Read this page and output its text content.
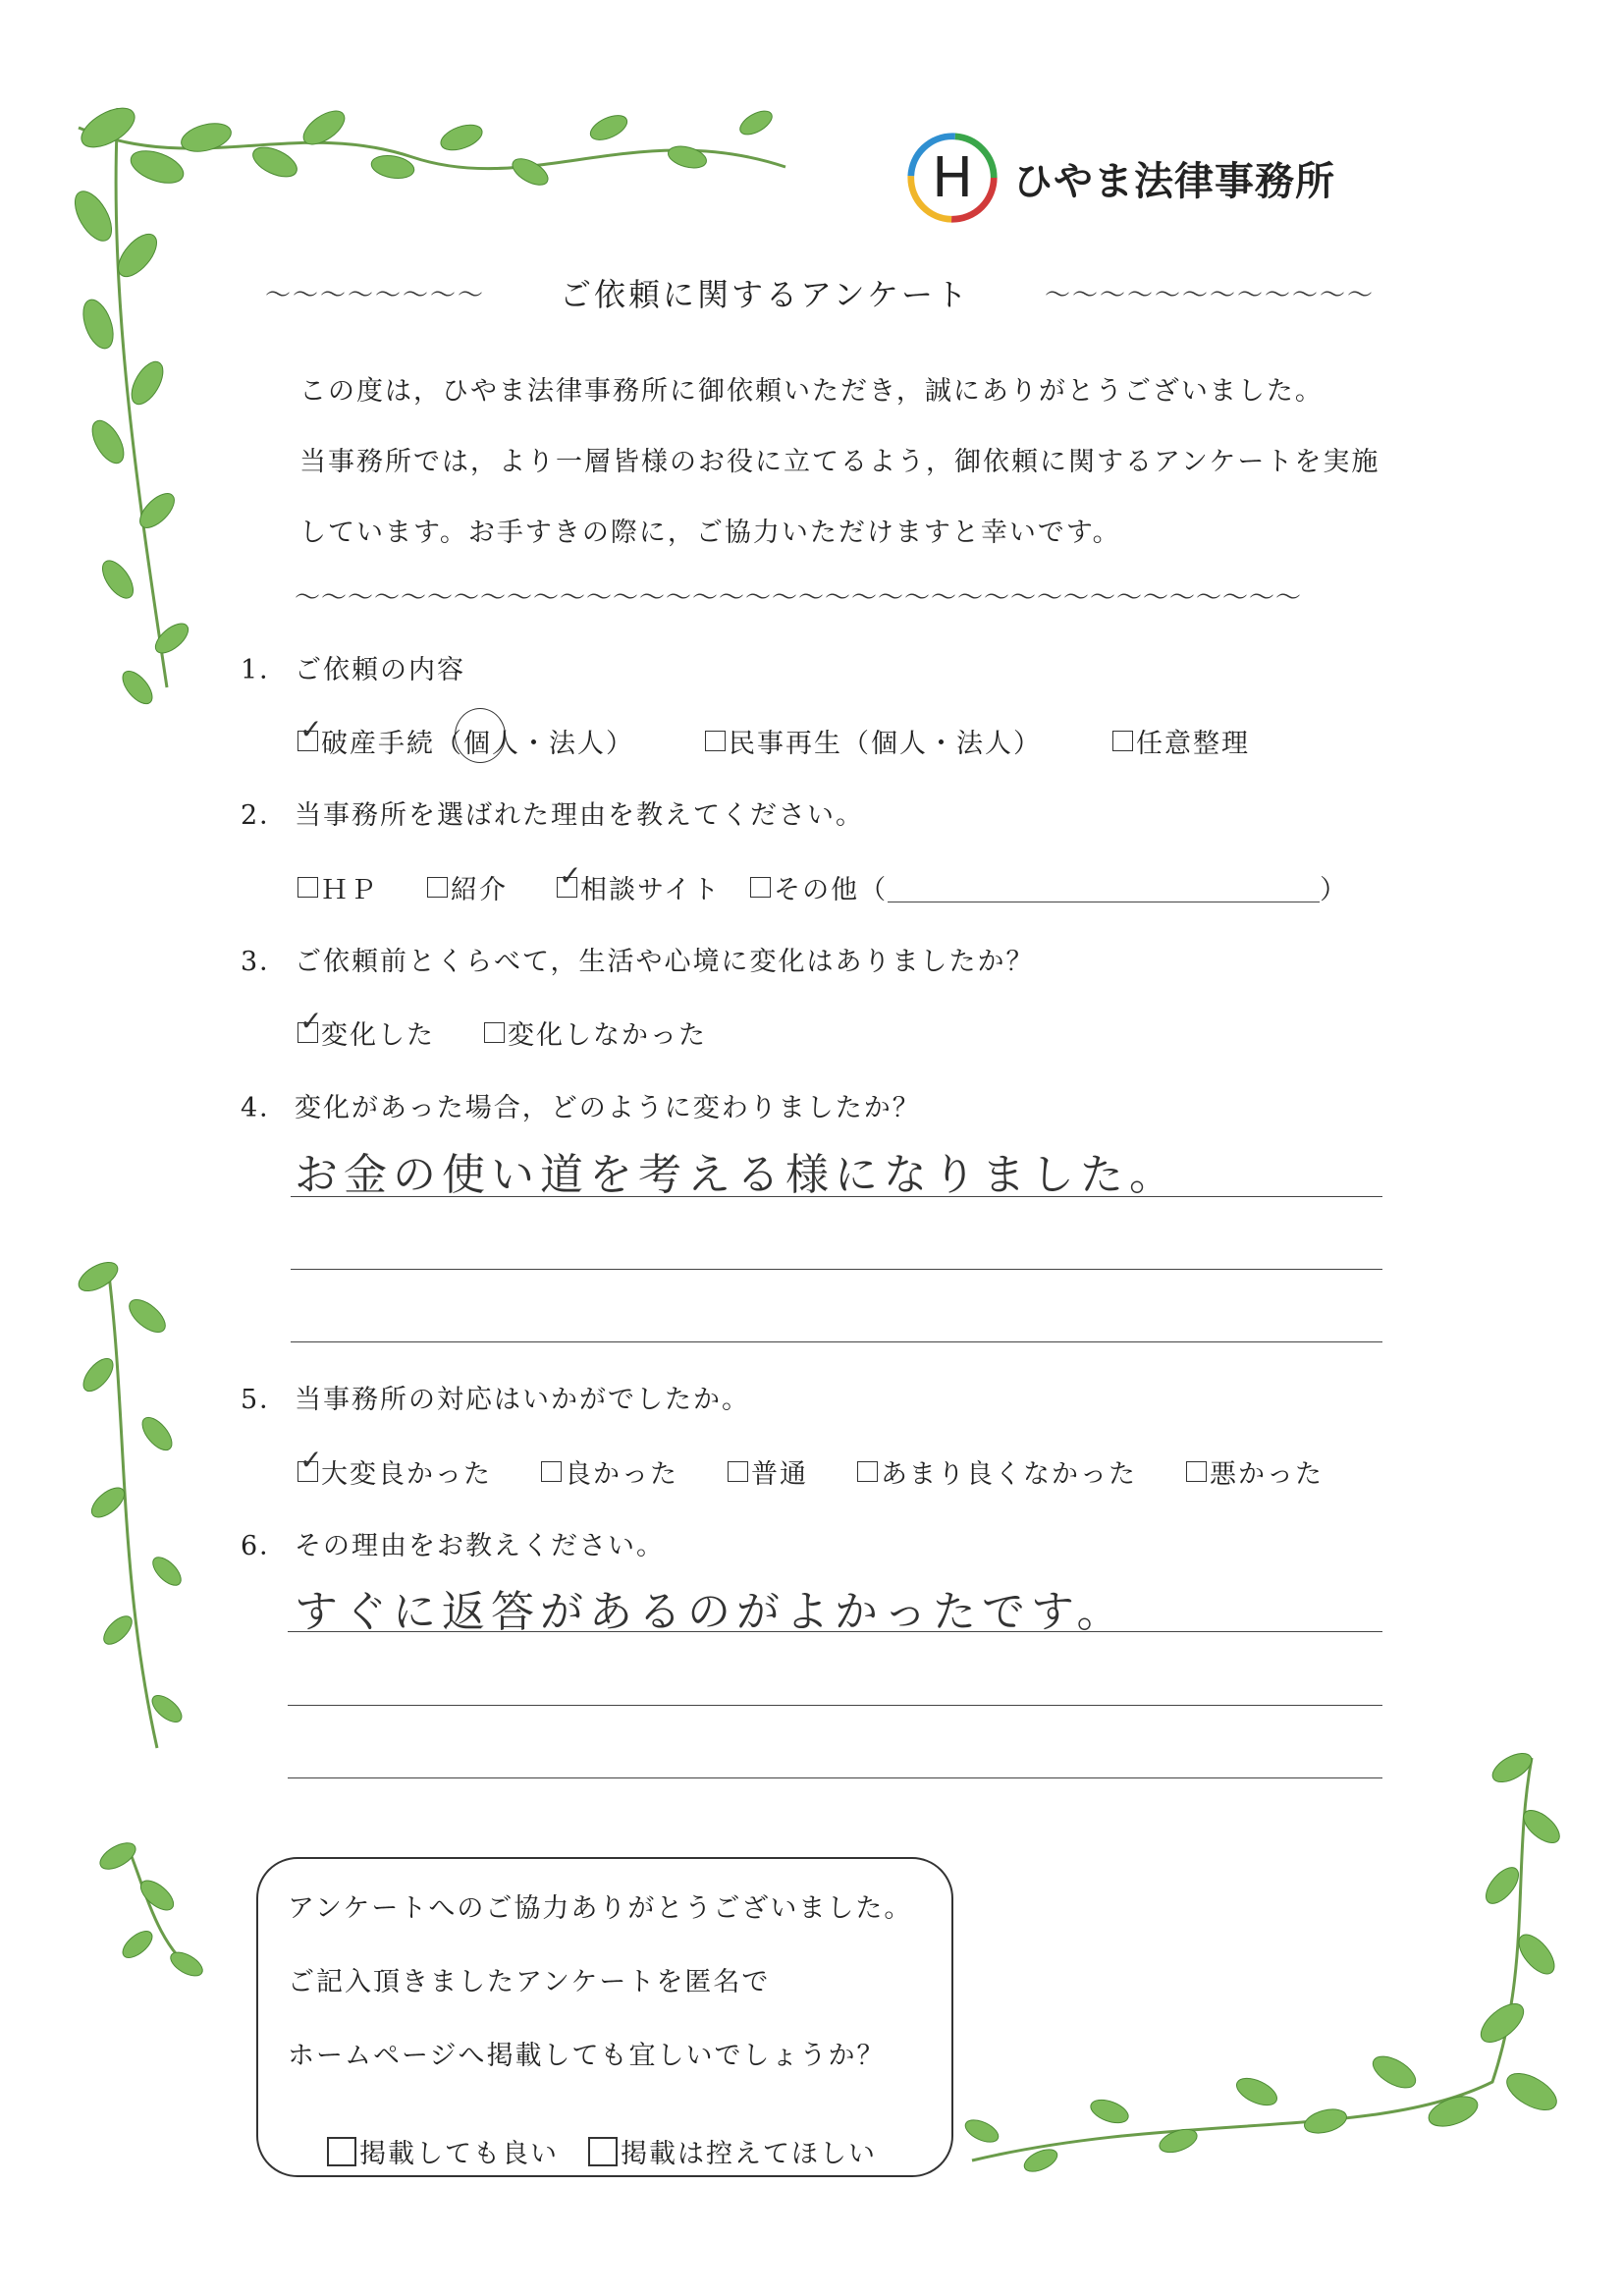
H ひやま法律事務所
〜〜〜〜〜〜〜〜 ご依頼に関するアンケート	〜〜〜〜〜〜〜〜〜〜〜〜
この度は，ひやま法律事務所に御依頼いただき，誠にありがとうございました。
当事務所では，より一層皆様のお役に立てるよう，御依頼に関するアンケートを実施
しています。お手すきの際に，ご協力いただけますと幸いです。
〜〜〜〜〜〜〜〜〜〜〜〜〜〜〜〜〜〜〜〜〜〜〜〜〜〜〜〜〜〜〜〜〜〜〜〜〜〜
1． ご依頼の内容
✓
破産手続（個人・法人）	民事再生（個人・法人）	任意整理
2． 当事務所を選ばれた理由を教えてください。
ＨＰ	紹介 ✓
相談サイト その他（	）
3． ご依頼前とくらべて，生活や心境に変化はありましたか？
✓
変化した	変化しなかった
4． 変化があった場合，どのように変わりましたか？
お金の使い道を考える様になりました。
5． 当事務所の対応はいかがでしたか。
✓
大変良かった	良かった	普通	あまり良くなかった	悪かった
6． その理由をお教えください。
すぐに返答があるのがよかったです。
アンケートへのご協力ありがとうございました。
ご記入頂きましたアンケートを匿名で
ホームページへ掲載しても宜しいでしょうか？
掲載しても良い 掲載は控えてほしい
